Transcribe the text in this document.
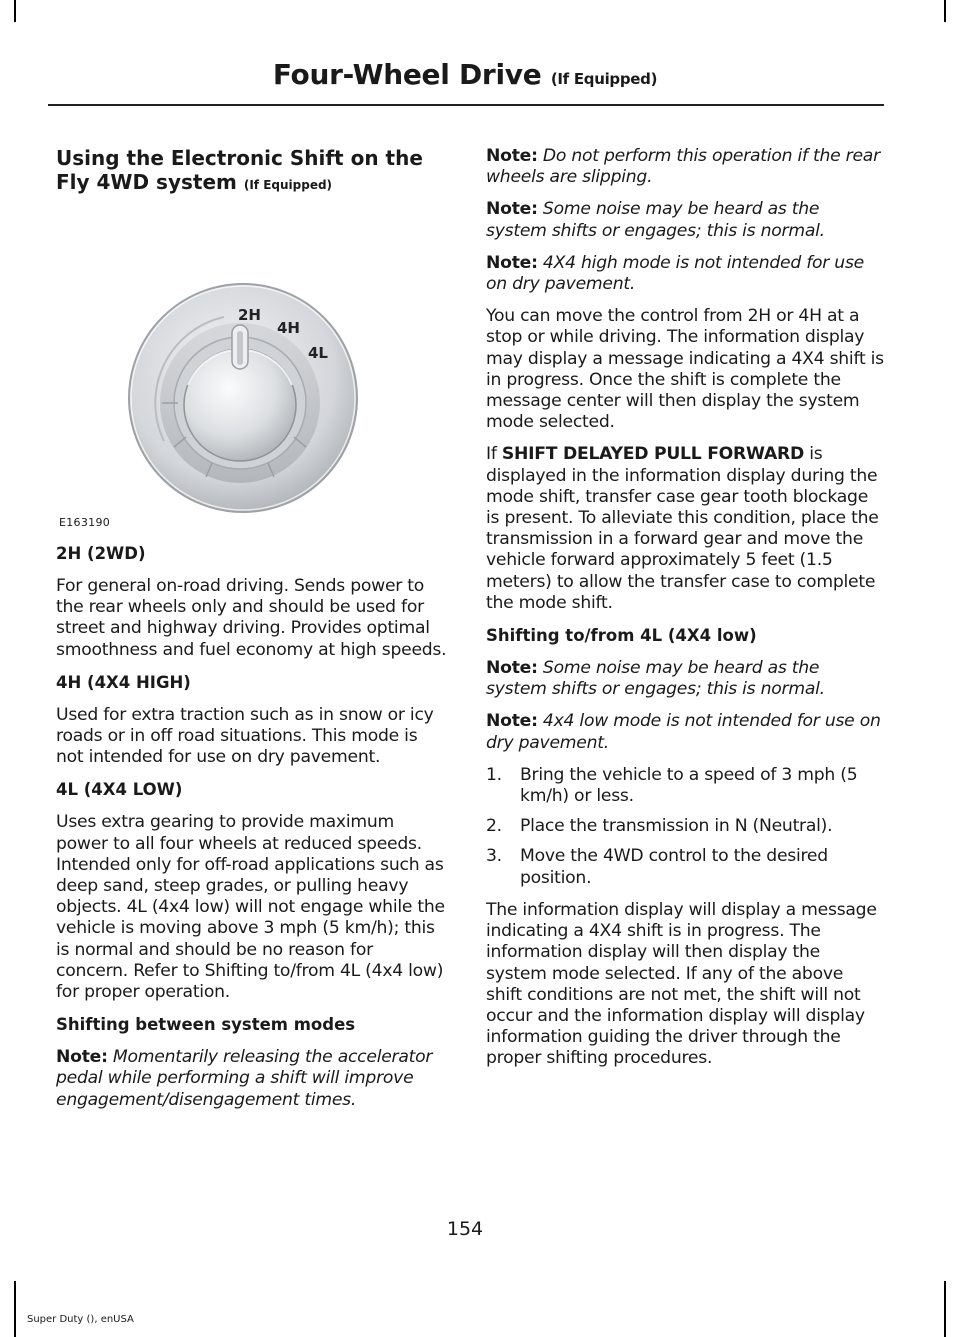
Four-Wheel Drive (If Equipped)
Using the Electronic Shift on the Fly 4WD system (If Equipped)
2H
4H
4L
E163190
2H (2WD)

For general on-road driving. Sends power to the rear wheels only and should be used for street and highway driving. Provides optimal smoothness and fuel economy at high speeds.

4H (4X4 HIGH)

Used for extra traction such as in snow or icy roads or in off road situations. This mode is not intended for use on dry pavement.

4L (4X4 LOW)

Uses extra gearing to provide maximum power to all four wheels at reduced speeds. Intended only for off-road applications such as deep sand, steep grades, or pulling heavy objects. 4L (4x4 low) will not engage while the vehicle is moving above 3 mph (5 km/h); this is normal and should be no reason for concern. Refer to Shifting to/from 4L (4x4 low) for proper operation.

Shifting between system modes

Note: Momentarily releasing the accelerator pedal while performing a shift will improve engagement/disengagement times.

Note: Do not perform this operation if the rear wheels are slipping.

Note: Some noise may be heard as the system shifts or engages; this is normal.

Note: 4X4 high mode is not intended for use on dry pavement.

You can move the control from 2H or 4H at a stop or while driving. The information display may display a message indicating a 4X4 shift is in progress. Once the shift is complete the message center will then display the system mode selected.

If SHIFT DELAYED PULL FORWARD is displayed in the information display during the mode shift, transfer case gear tooth blockage is present. To alleviate this condition, place the transmission in a forward gear and move the vehicle forward approximately 5 feet (1.5 meters) to allow the transfer case to complete the mode shift.

Shifting to/from 4L (4X4 low)

Note: Some noise may be heard as the system shifts or engages; this is normal.

Note: 4x4 low mode is not intended for use on dry pavement.

1.	Bring the vehicle to a speed of 3 mph (5 km/h) or less.
2.	Place the transmission in N (Neutral).
3.	Move the 4WD control to the desired position.

The information display will display a message indicating a 4X4 shift is in progress. The information display will then display the system mode selected. If any of the above shift conditions are not met, the shift will not occur and the information display will display information guiding the driver through the proper shifting procedures.

154
Super Duty (), enUSA
